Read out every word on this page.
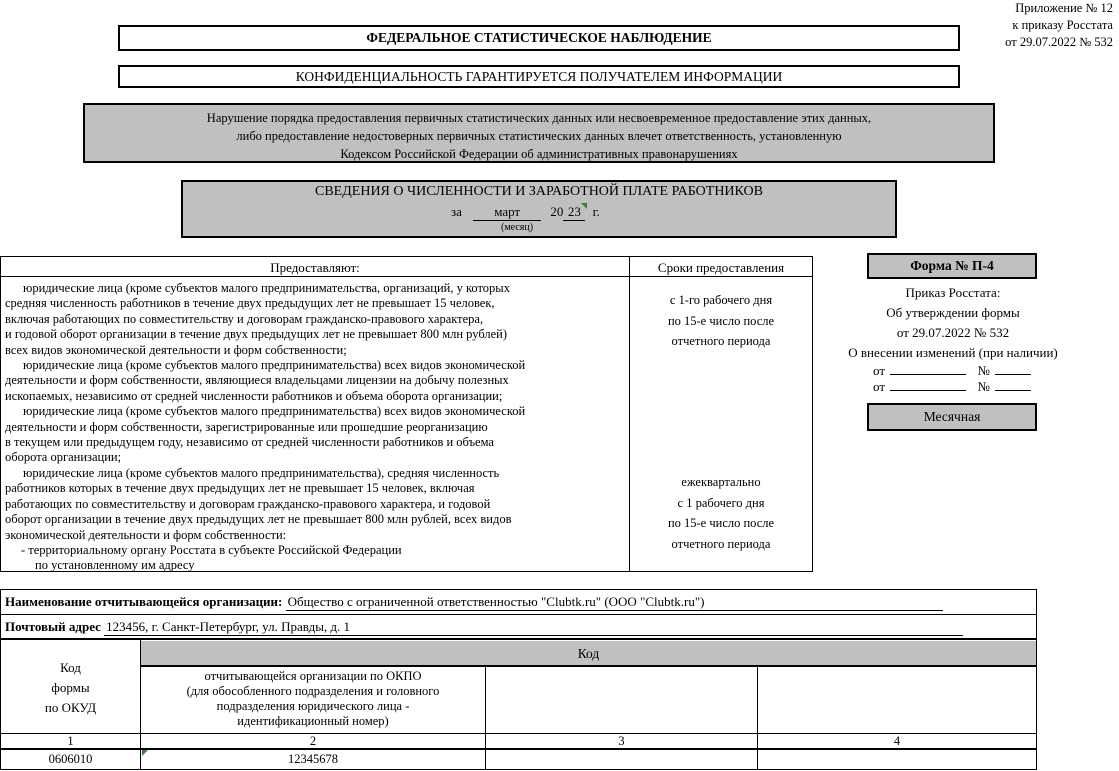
Приложение № 12
к приказу Росстата
от 29.07.2022 № 532
ФЕДЕРАЛЬНОЕ СТАТИСТИЧЕСКОЕ НАБЛЮДЕНИЕ
КОНФИДЕНЦИАЛЬНОСТЬ ГАРАНТИРУЕТСЯ ПОЛУЧАТЕЛЕМ ИНФОРМАЦИИ
Нарушение порядка предоставления первичных статистических данных или несвоевременное предоставление этих данных,
либо предоставление недостоверных первичных статистических данных влечет ответственность, установленную
Кодексом Российской Федерации об административных правонарушениях
СВЕДЕНИЯ О ЧИСЛЕННОСТИ И ЗАРАБОТНОЙ ПЛАТЕ РАБОТНИКОВ
за март 20 23 г.
(месяц)
Предоставляют:	Сроки предоставления
юридические лица (кроме субъектов малого предпринимательства, организаций, у которых
средняя численность работников в течение двух предыдущих лет не превышает 15 человек,
включая работающих по совместительству и договорам гражданско-правового характера,
и годовой оборот организации в течение двух предыдущих лет не превышает 800 млн рублей)
всех видов экономической деятельности и форм собственности;
юридические лица (кроме субъектов малого предпринимательства) всех видов экономической
деятельности и форм собственности, являющиеся владельцами лицензии на добычу полезных
ископаемых, независимо от средней численности работников и объема оборота организации;
юридические лица (кроме субъектов малого предпринимательства) всех видов экономической
деятельности и форм собственности, зарегистрированные или прошедшие реорганизацию
в текущем или предыдущем году, независимо от средней численности работников и объема
оборота организации;
юридические лица (кроме субъектов малого предпринимательства), средняя численность
работников которых в течение двух предыдущих лет не превышает 15 человек, включая
работающих по совместительству и договорам гражданско-правового характера, и годовой
оборот организации в течение двух предыдущих лет не превышает 800 млн рублей, всех видов
экономической деятельности и форм собственности:
- территориальному органу Росстата в субъекте Российской Федерации
по установленному им адресу
с 1-го рабочего дня
по 15-е число после
отчетного периода
ежеквартально
с 1 рабочего дня
по 15-е число после
отчетного периода
Форма № П-4
Приказ Росстата:
Об утверждении формы
от 29.07.2022 № 532
О внесении изменений (при наличии)
от	№
от	№
Месячная
Наименование отчитывающейся организации: Общество с ограниченной ответственностью "Clubtk.ru" (ООО "Clubtk.ru")
Почтовый адрес 123456, г. Санкт-Петербург, ул. Правды, д. 1
Код
формы
по ОКУД
Код
отчитывающейся организации по ОКПО
(для обособленного подразделения и головного
подразделения юридического лица -
идентификационный номер)
1	2	3	4
0606010	12345678
